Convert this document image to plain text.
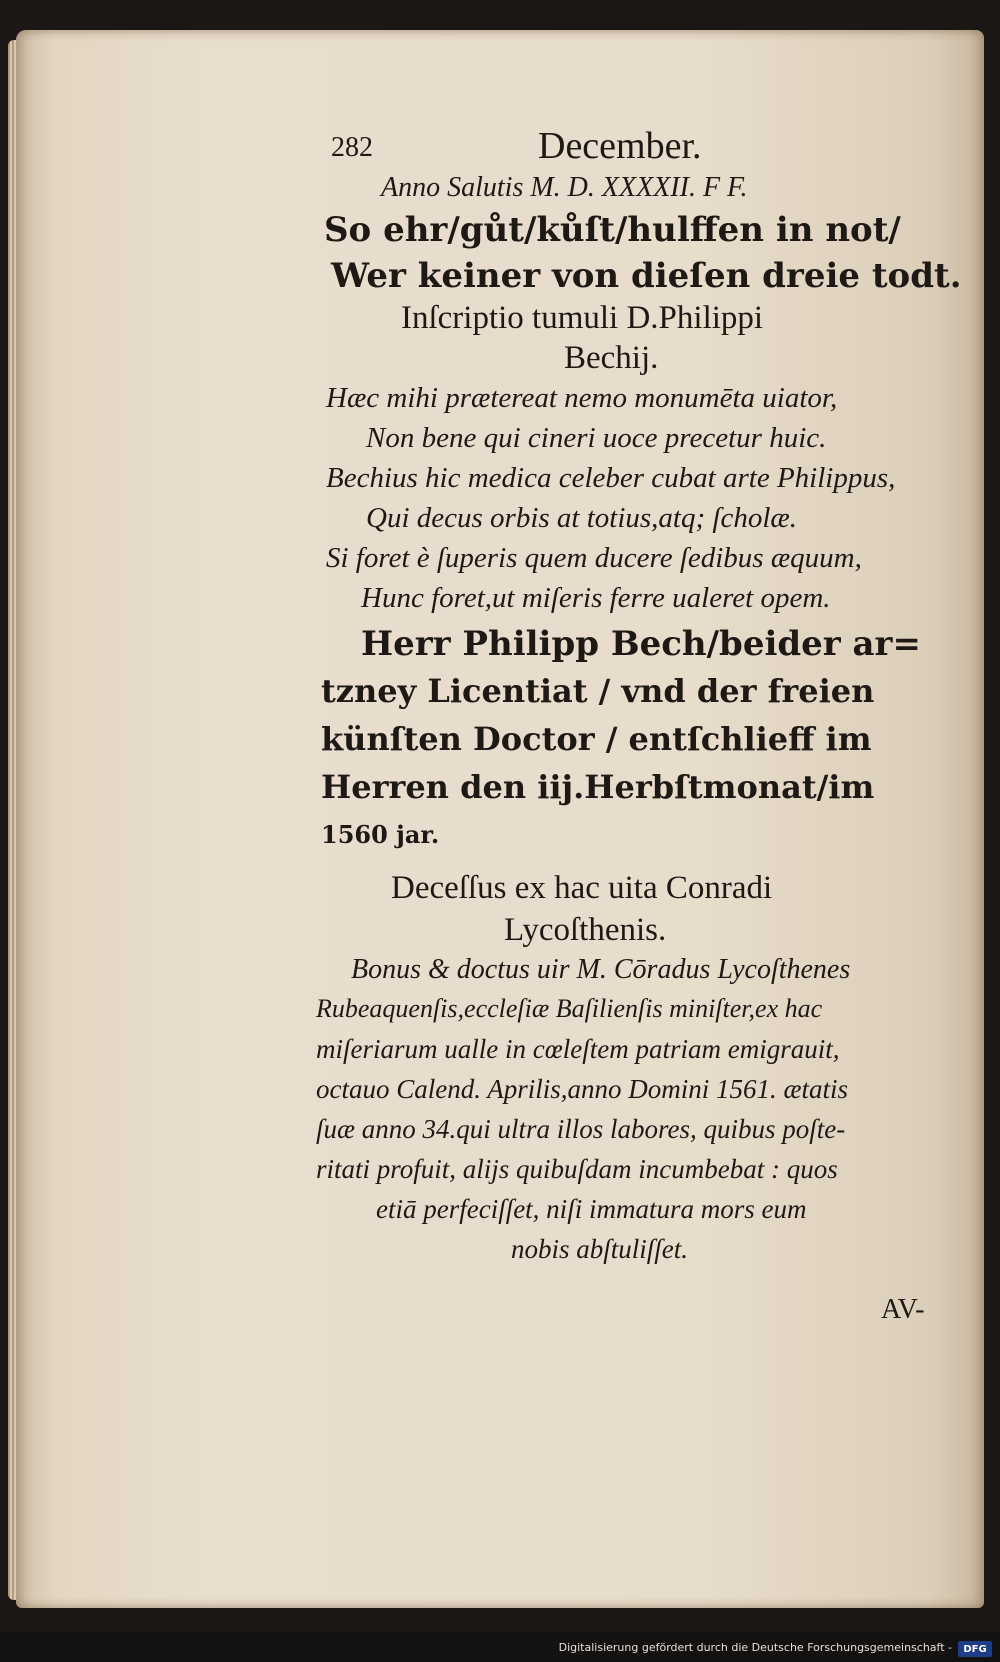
282	December.
Anno Salutis M. D. XXXXII. F F.
So ehr/gůt/kůſt/hulffen in not/
Wer keiner von dieſen dreie todt.
Inſcriptio tumuli D.Philippi
Bechij.
Hæc mihi prætereat nemo monumēta uiator,
Non bene qui cineri uoce precetur huic.
Bechius hic medica celeber cubat arte Philippus,
Qui decus orbis at totius,atq; ſcholæ.
Si foret è ſuperis quem ducere ſedibus æquum,
Hunc foret,ut miſeris ferre ualeret opem.
Herr Philipp Bech/beider ar=
tzney Licentiat / vnd der freien
künſten Doctor / entſchlieff im
Herren den iij.Herbſtmonat/im
1560 jar.
Deceſſus ex hac uita Conradi
Lycoſthenis.
Bonus & doctus uir M. Cōradus Lycoſthenes
Rubeaquenſis,eccleſiæ Baſilienſis miniſter,ex hac
miſeriarum ualle in cœleſtem patriam emigrauit,
octauo Calend. Aprilis,anno Domini 1561. ætatis
ſuæ anno 34.qui ultra illos labores, quibus poſte-
ritati profuit, alijs quibuſdam incumbebat : quos
etiā perfeciſſet, niſi immatura mors eum
nobis abſtuliſſet.
AV-
Digitalisierung gefördert durch die Deutsche Forschungsgemeinschaft -	DFG
